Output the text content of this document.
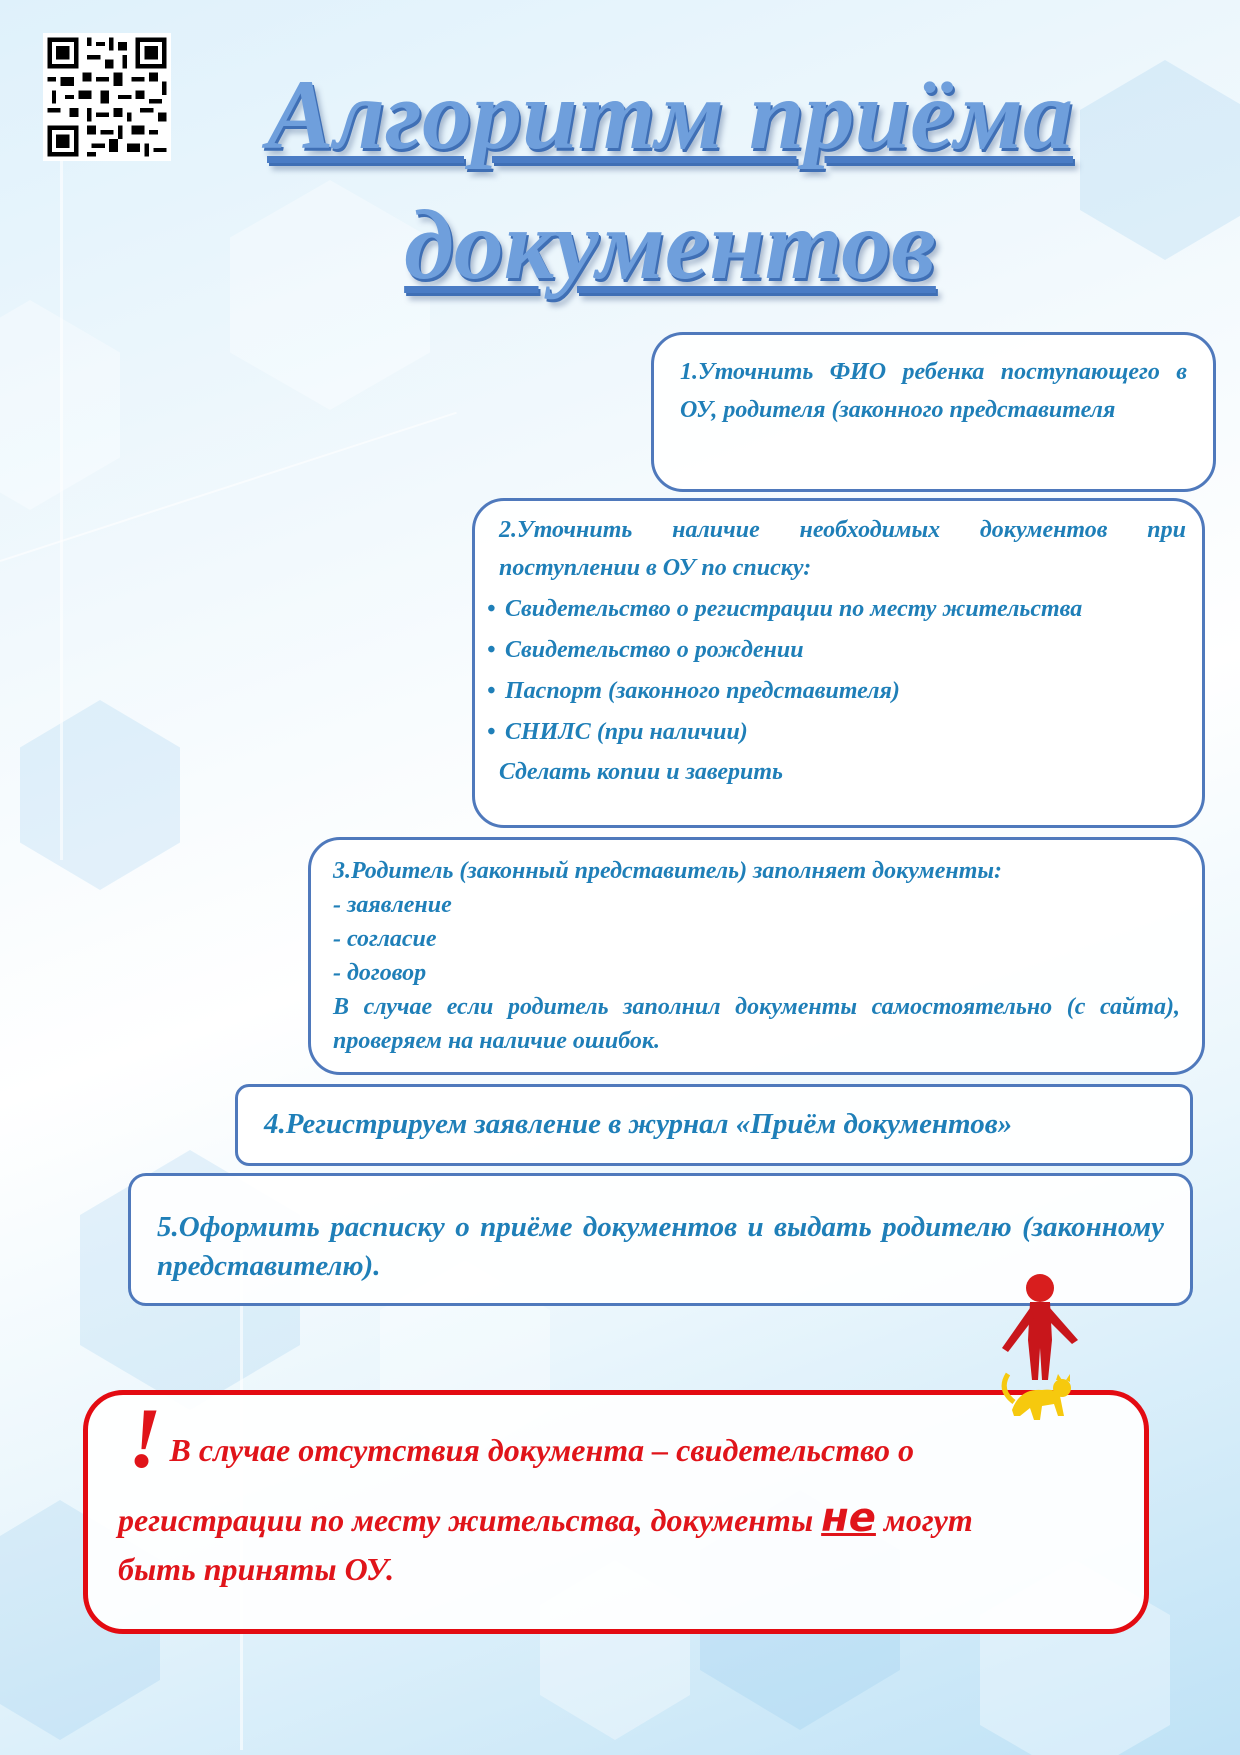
Алгоритм приёма
документов
1.Уточнить ФИО ребенка поступающего в ОУ, родителя (законного представителя
2.Уточнить наличие необходимых документов при поступлении в ОУ по списку:
• Свидетельство о регистрации по месту жительства
• Свидетельство о рождении
• Паспорт (законного представителя)
• СНИЛС (при наличии)
Сделать копии и заверить
3.Родитель (законный представитель) заполняет документы:
- заявление
- согласие
- договор
В случае если родитель заполнил документы самостоятельно (с сайта), проверяем на наличие ошибок.
4.Регистрируем заявление в журнал «Приём документов»
5.Оформить расписку о приёме документов и выдать родителю (законному представителю).
! В случае отсутствия документа – свидетельство о
регистрации по месту жительства, документы не могут
быть приняты ОУ.
